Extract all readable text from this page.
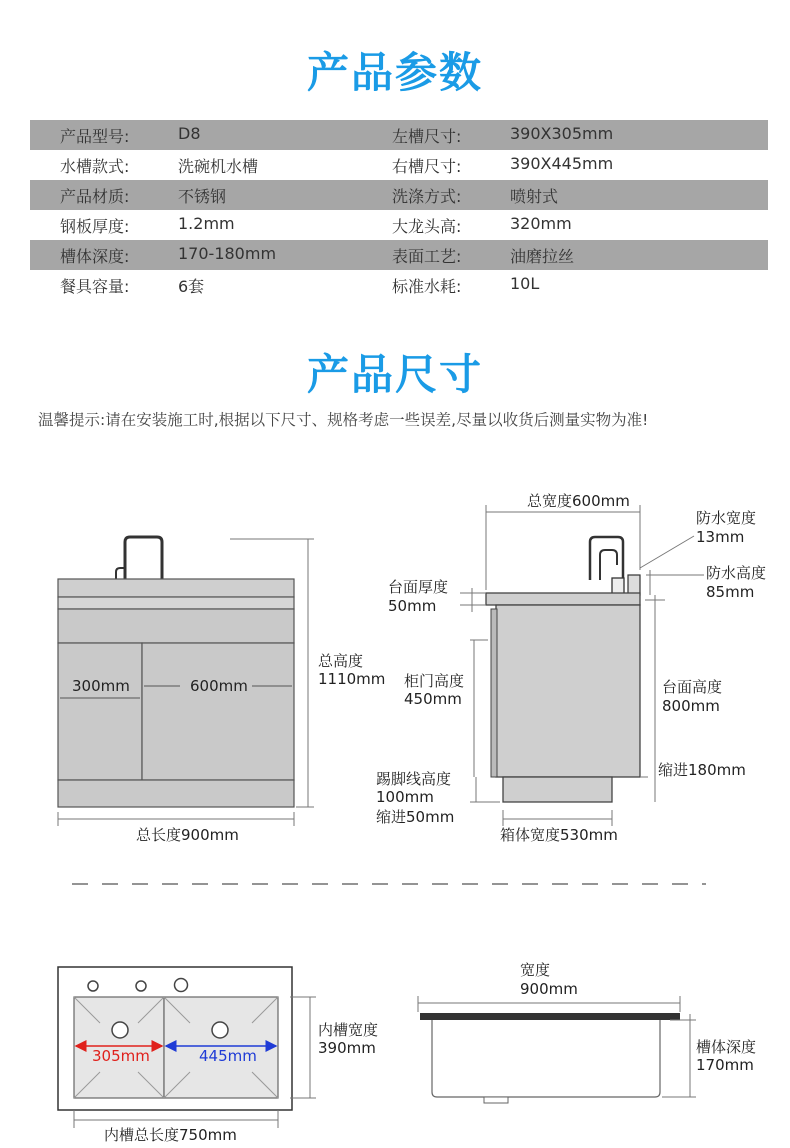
产品参数
产品型号:	D8	左槽尺寸:	390X305mm
水槽款式:	洗碗机水槽	右槽尺寸:	390X445mm
产品材质:	不锈钢	洗涤方式:	喷射式
钢板厚度:	1.2mm	大龙头高:	320mm
槽体深度:	170-180mm	表面工艺:	油磨拉丝
餐具容量:	6套	标准水耗:	10L
产品尺寸
温馨提示:请在安装施工时,根据以下尺寸、规格考虑一些误差,尽量以收货后测量实物为准!
300mm	600mm
总高度
1110mm
总长度900mm
总宽度600mm
防水宽度
13mm
防水高度
85mm
台面厚度
50mm
柜门高度
450mm
台面高度
800mm
缩进180mm
踢脚线高度
100mm
缩进50mm
箱体宽度530mm
305mm	445mm
内槽宽度
390mm
内槽总长度750mm
宽度
900mm
槽体深度
170mm
